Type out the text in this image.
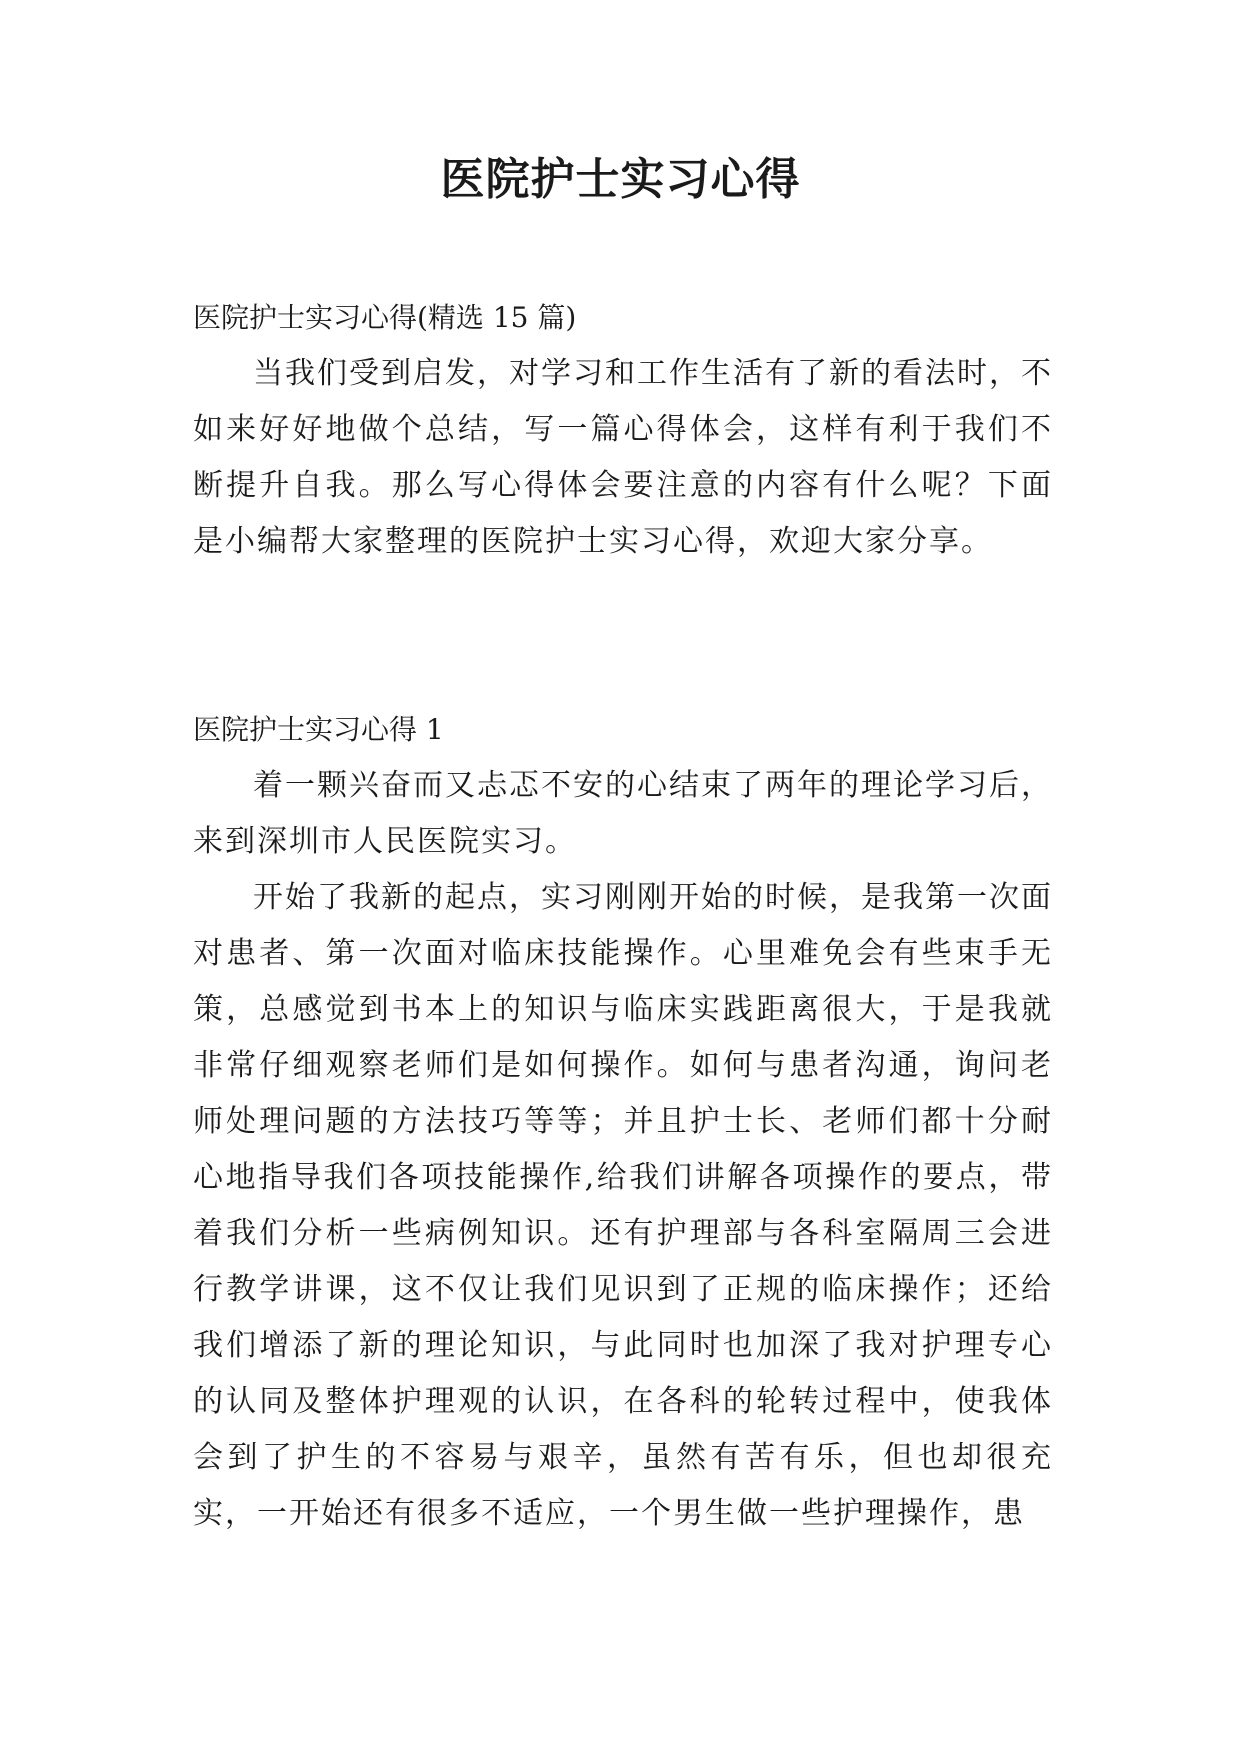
医院护士实习心得

医院护士实习心得(精选 15 篇)

当我们受到启发，对学习和工作生活有了新的看法时，不如来好好地做个总结，写一篇心得体会，这样有利于我们不断提升自我。那么写心得体会要注意的内容有什么呢？下面是小编帮大家整理的医院护士实习心得，欢迎大家分享。

医院护士实习心得 1

着一颗兴奋而又忐忑不安的心结束了两年的理论学习后，来到深圳市人民医院实习。

开始了我新的起点，实习刚刚开始的时候，是我第一次面对患者、第一次面对临床技能操作。心里难免会有些束手无策，总感觉到书本上的知识与临床实践距离很大，于是我就非常仔细观察老师们是如何操作。如何与患者沟通，询问老师处理问题的方法技巧等等；并且护士长、老师们都十分耐心地指导我们各项技能操作,给我们讲解各项操作的要点，带着我们分析一些病例知识。还有护理部与各科室隔周三会进行教学讲课，这不仅让我们见识到了正规的临床操作；还给我们增添了新的理论知识，与此同时也加深了我对护理专心的认同及整体护理观的认识，在各科的轮转过程中，使我体会到了护生的不容易与艰辛，虽然有苦有乐，但也却很充实，一开始还有很多不适应，一个男生做一些护理操作，患
